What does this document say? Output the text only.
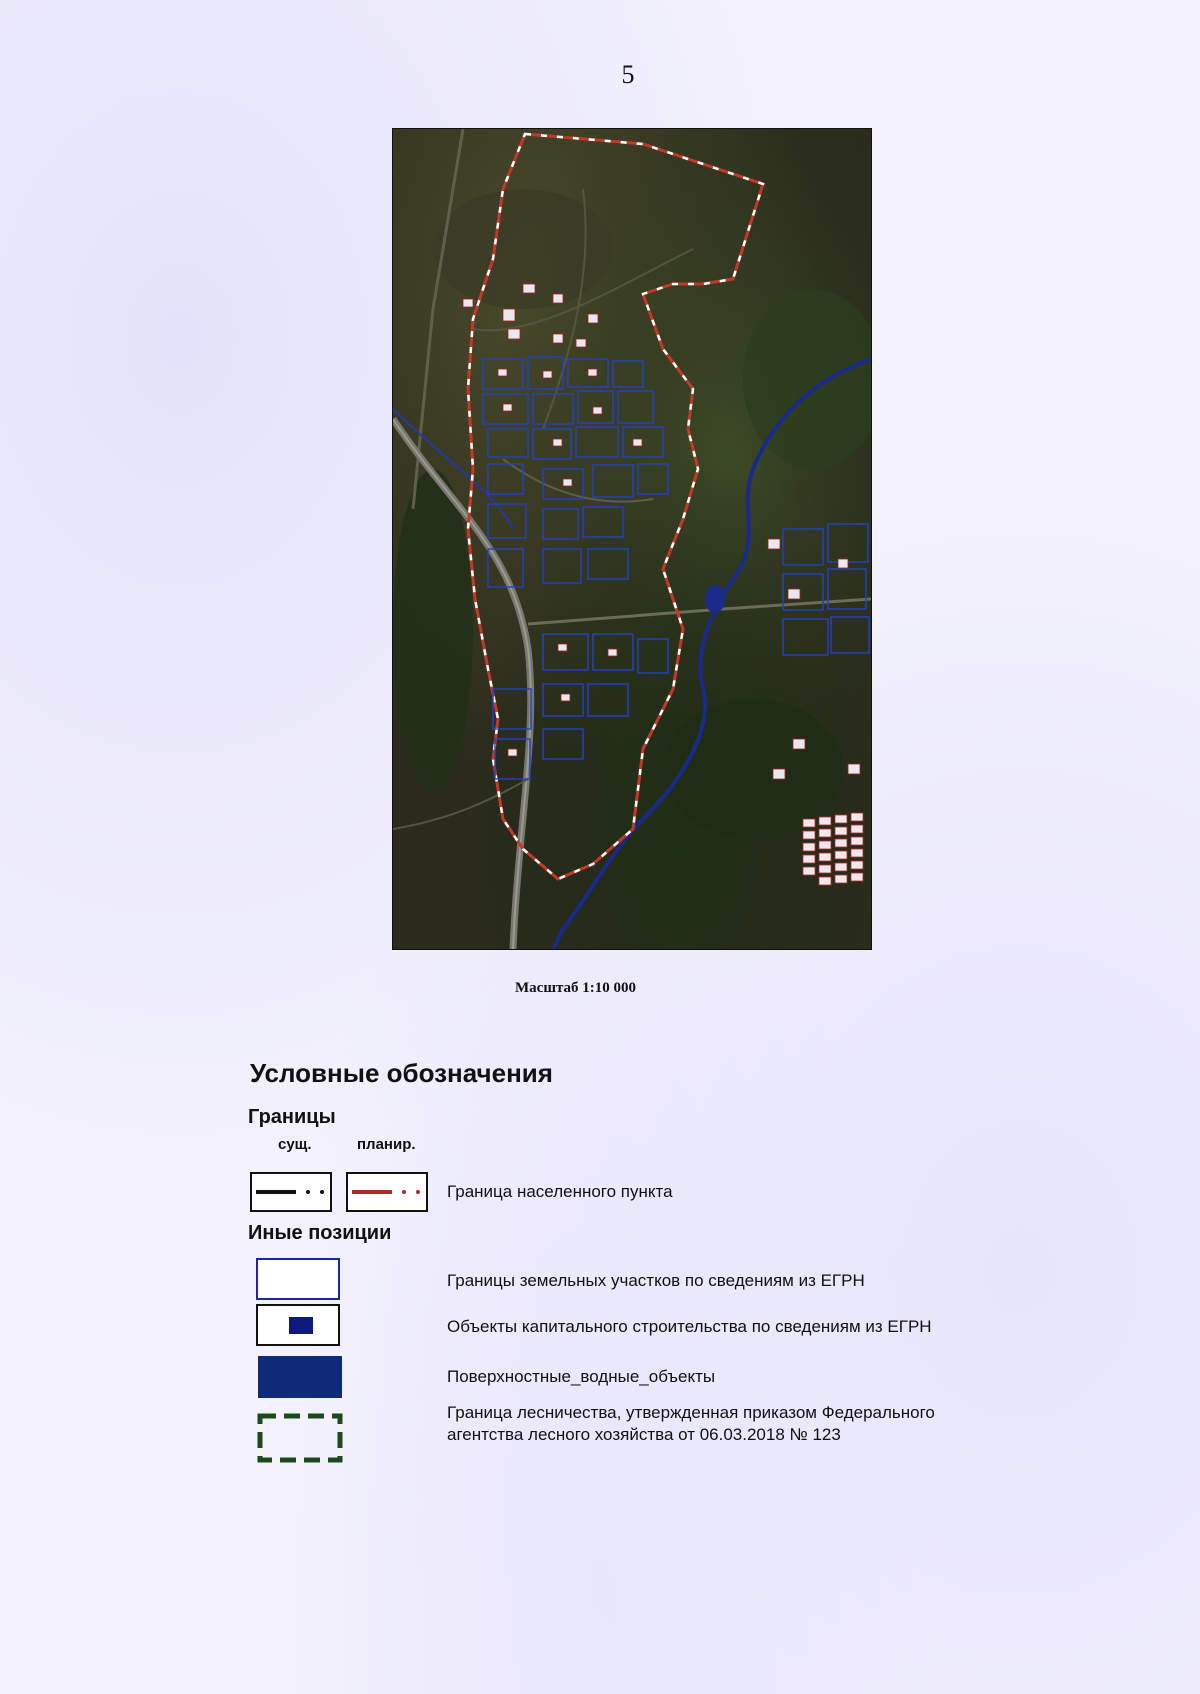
5
Масштаб 1:10 000
Условные обозначения
Границы
сущ.	планир.
Граница населенного пункта
Иные позиции
Границы земельных участков по сведениям из ЕГРН
Объекты капитального строительства по сведениям из ЕГРН
Поверхностные_водные_объекты
Граница лесничества, утвержденная приказом Федерального агентства лесного хозяйства от 06.03.2018 № 123
